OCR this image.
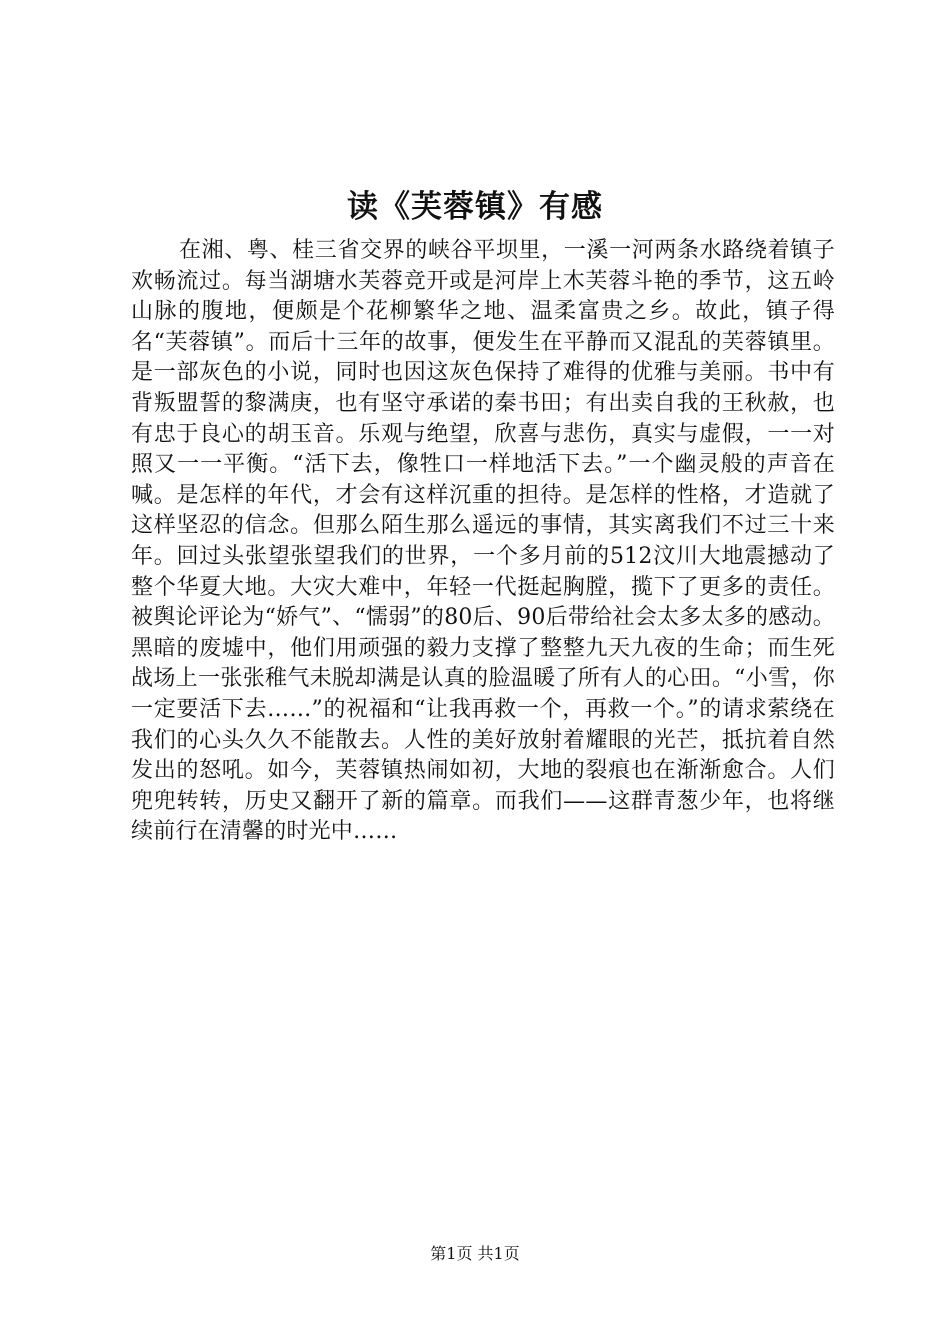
读《芙蓉镇》有感

在湘、粤、桂三省交界的峡谷平坝里，一溪一河两条水路绕着镇子欢畅流过。每当湖塘水芙蓉竞开或是河岸上木芙蓉斗艳的季节，这五岭山脉的腹地，便颇是个花柳繁华之地、温柔富贵之乡。故此，镇子得名“芙蓉镇”。而后十三年的故事，便发生在平静而又混乱的芙蓉镇里。是一部灰色的小说，同时也因这灰色保持了难得的优雅与美丽。书中有背叛盟誓的黎满庚，也有坚守承诺的秦书田；有出卖自我的王秋赦，也有忠于良心的胡玉音。乐观与绝望，欣喜与悲伤，真实与虚假，一一对照又一一平衡。“活下去，像牲口一样地活下去。”一个幽灵般的声音在喊。是怎样的年代，才会有这样沉重的担待。是怎样的性格，才造就了这样坚忍的信念。但那么陌生那么遥远的事情，其实离我们不过三十来年。回过头张望张望我们的世界，一个多月前的512汶川大地震撼动了整个华夏大地。大灾大难中，年轻一代挺起胸膛，揽下了更多的责任。被舆论评论为“娇气”、“懦弱”的80后、90后带给社会太多太多的感动。黑暗的废墟中，他们用顽强的毅力支撑了整整九天九夜的生命；而生死战场上一张张稚气未脱却满是认真的脸温暖了所有人的心田。“小雪，你一定要活下去……”的祝福和“让我再救一个，再救一个。”的请求萦绕在我们的心头久久不能散去。人性的美好放射着耀眼的光芒，抵抗着自然发出的怒吼。如今，芙蓉镇热闹如初，大地的裂痕也在渐渐愈合。人们兜兜转转，历史又翻开了新的篇章。而我们——这群青葱少年，也将继续前行在清馨的时光中……

第1页 共1页
